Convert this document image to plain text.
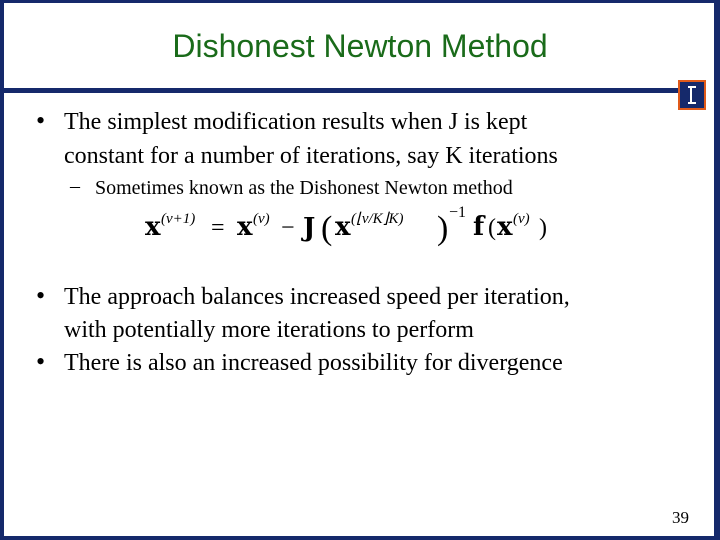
Dishonest Newton Method
• The simplest modification results when J is kept
constant for a number of iterations, say K iterations
– Sometimes known as the Dishonest Newton method
x (ν+1) = x (ν) − J ( x (⌊ν/K⌋K) ) −1 f ( x (ν) )
• The approach balances increased speed per iteration,
with potentially more iterations to perform
• There is also an increased possibility for divergence
39
